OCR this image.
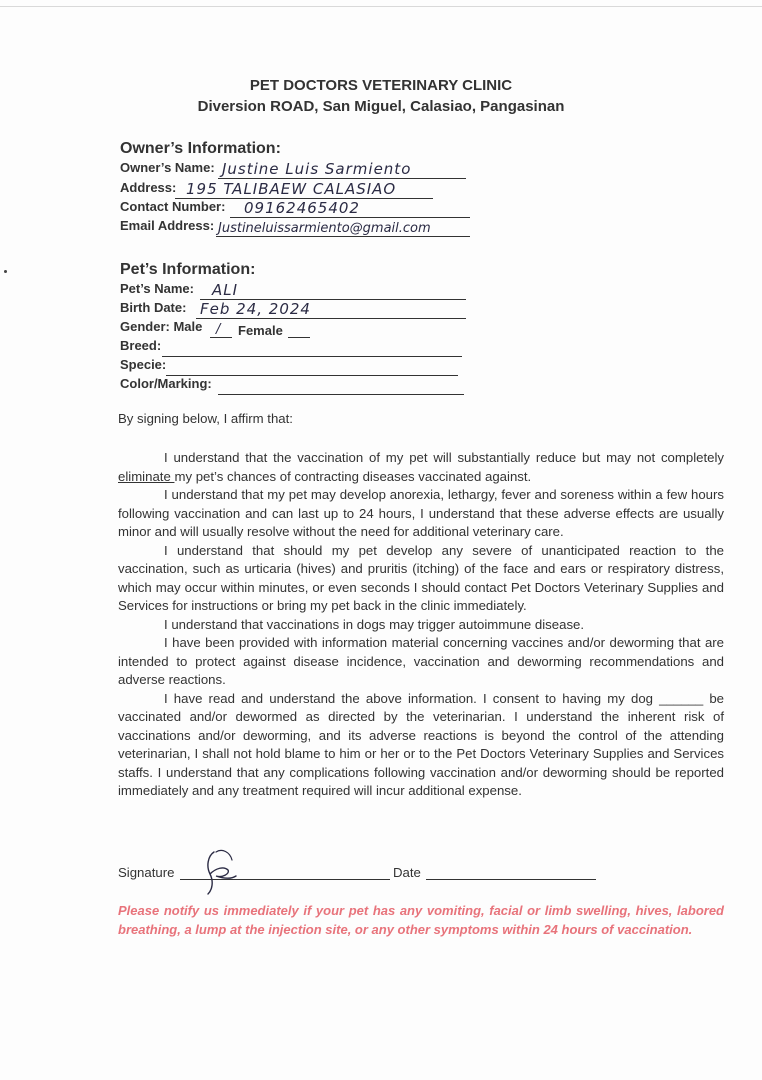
PET DOCTORS VETERINARY CLINIC
Diversion ROAD, San Miguel, Calasiao, Pangasinan
Owner’s Information:
Owner’s Name: Justine Luis Sarmiento
Address: 195 TALIBAEW CALASIAO
Contact Number: 09162465402
Email Address: Justineluissarmiento@gmail.com
Pet’s Information:
Pet’s Name: ALI
Birth Date: Feb 24, 2024
Gender: Male / Female
Breed:
Specie:
Color/Marking:

By signing below, I affirm that:

I understand that the vaccination of my pet will substantially reduce but may not completely eliminate my pet’s chances of contracting diseases vaccinated against.

I understand that my pet may develop anorexia, lethargy, fever and soreness within a few hours following vaccination and can last up to 24 hours, I understand that these adverse effects are usually minor and will usually resolve without the need for additional veterinary care.

I understand that should my pet develop any severe of unanticipated reaction to the vaccination, such as urticaria (hives) and pruritis (itching) of the face and ears or respiratory distress, which may occur within minutes, or even seconds I should contact Pet Doctors Veterinary Supplies and Services for instructions or bring my pet back in the clinic immediately.

I understand that vaccinations in dogs may trigger autoimmune disease.

I have been provided with information material concerning vaccines and/or deworming that are intended to protect against disease incidence, vaccination and deworming recommendations and adverse reactions.

I have read and understand the above information. I consent to having my dog ______ be vaccinated and/or dewormed as directed by the veterinarian. I understand the inherent risk of vaccinations and/or deworming, and its adverse reactions is beyond the control of the attending veterinarian, I shall not hold blame to him or her or to the Pet Doctors Veterinary Supplies and Services staffs. I understand that any complications following vaccination and/or deworming should be reported immediately and any treatment required will incur additional expense.

Signature	Date
Please notify us immediately if your pet has any vomiting, facial or limb swelling, hives, labored breathing, a lump at the injection site, or any other symptoms within 24 hours of vaccination.
